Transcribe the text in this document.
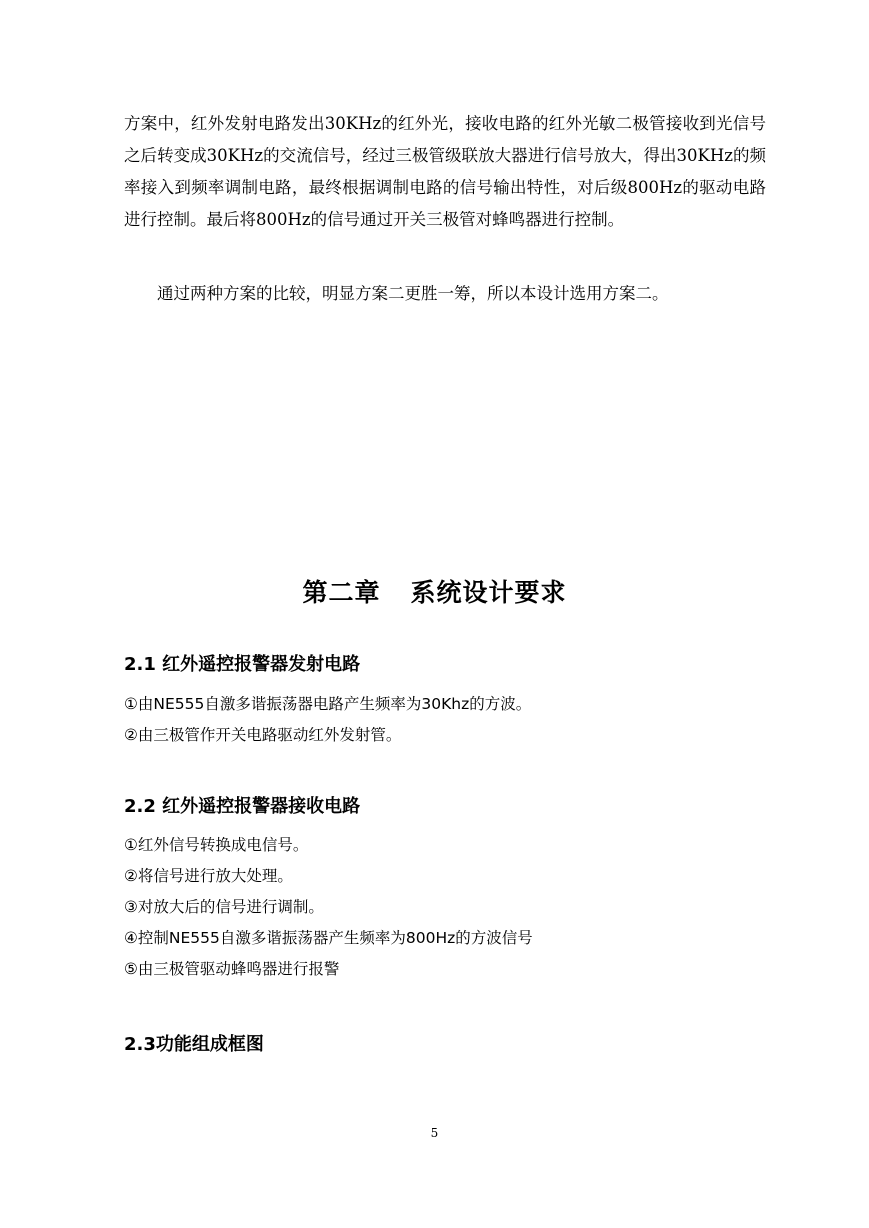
方案中，红外发射电路发出30KHz的红外光，接收电路的红外光敏二极管接收到光信号之后转变成30KHz的交流信号，经过三极管级联放大器进行信号放大，得出30KHz的频率接入到频率调制电路，最终根据调制电路的信号输出特性，对后级800Hz的驱动电路进行控制。最后将800Hz的信号通过开关三极管对蜂鸣器进行控制。

通过两种方案的比较，明显方案二更胜一筹，所以本设计选用方案二。

第二章 系统设计要求
2.1 红外遥控报警器发射电路
①由NE555自激多谐振荡器电路产生频率为30Khz的方波。
②由三极管作开关电路驱动红外发射管。
2.2 红外遥控报警器接收电路
①红外信号转换成电信号。
②将信号进行放大处理。
③对放大后的信号进行调制。
④控制NE555自激多谐振荡器产生频率为800Hz的方波信号
⑤由三极管驱动蜂鸣器进行报警
2.3功能组成框图

5
